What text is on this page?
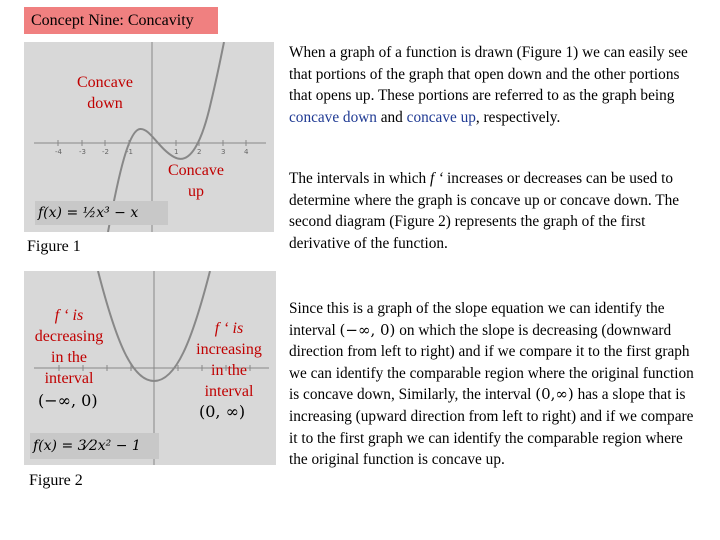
Concept Nine: Concavity
-4 -3 -2 -1	1	2	3	4
Concave
down
Concave
up
f(x) = ½x³ − x
Figure 1
f ‘ is
decreasing
in the
interval
(−∞, 0)
f ‘ is
increasing
in the
interval
(0, ∞)
f(x) = 3⁄2x² − 1
Figure 2
When a graph of a function is drawn (Figure 1) we can easily see that portions of the graph that open down and the other portions that opens up. These portions are referred to as the graph being concave down and concave up, respectively.
The intervals in which f ‘ increases or decreases can be used to determine where the graph is concave up or concave down. The second diagram (Figure 2) represents the graph of the first derivative of the function.
Since this is a graph of the slope equation we can identify the interval (−∞, 0) on which the slope is decreasing (downward direction from left to right) and if we compare it to the first graph we can identify the comparable region where the original function is concave down, Similarly, the interval (0,∞) has a slope that is increasing (upward direction from left to right) and if we compare it to the first graph we can identify the comparable region where the original function is concave up.
